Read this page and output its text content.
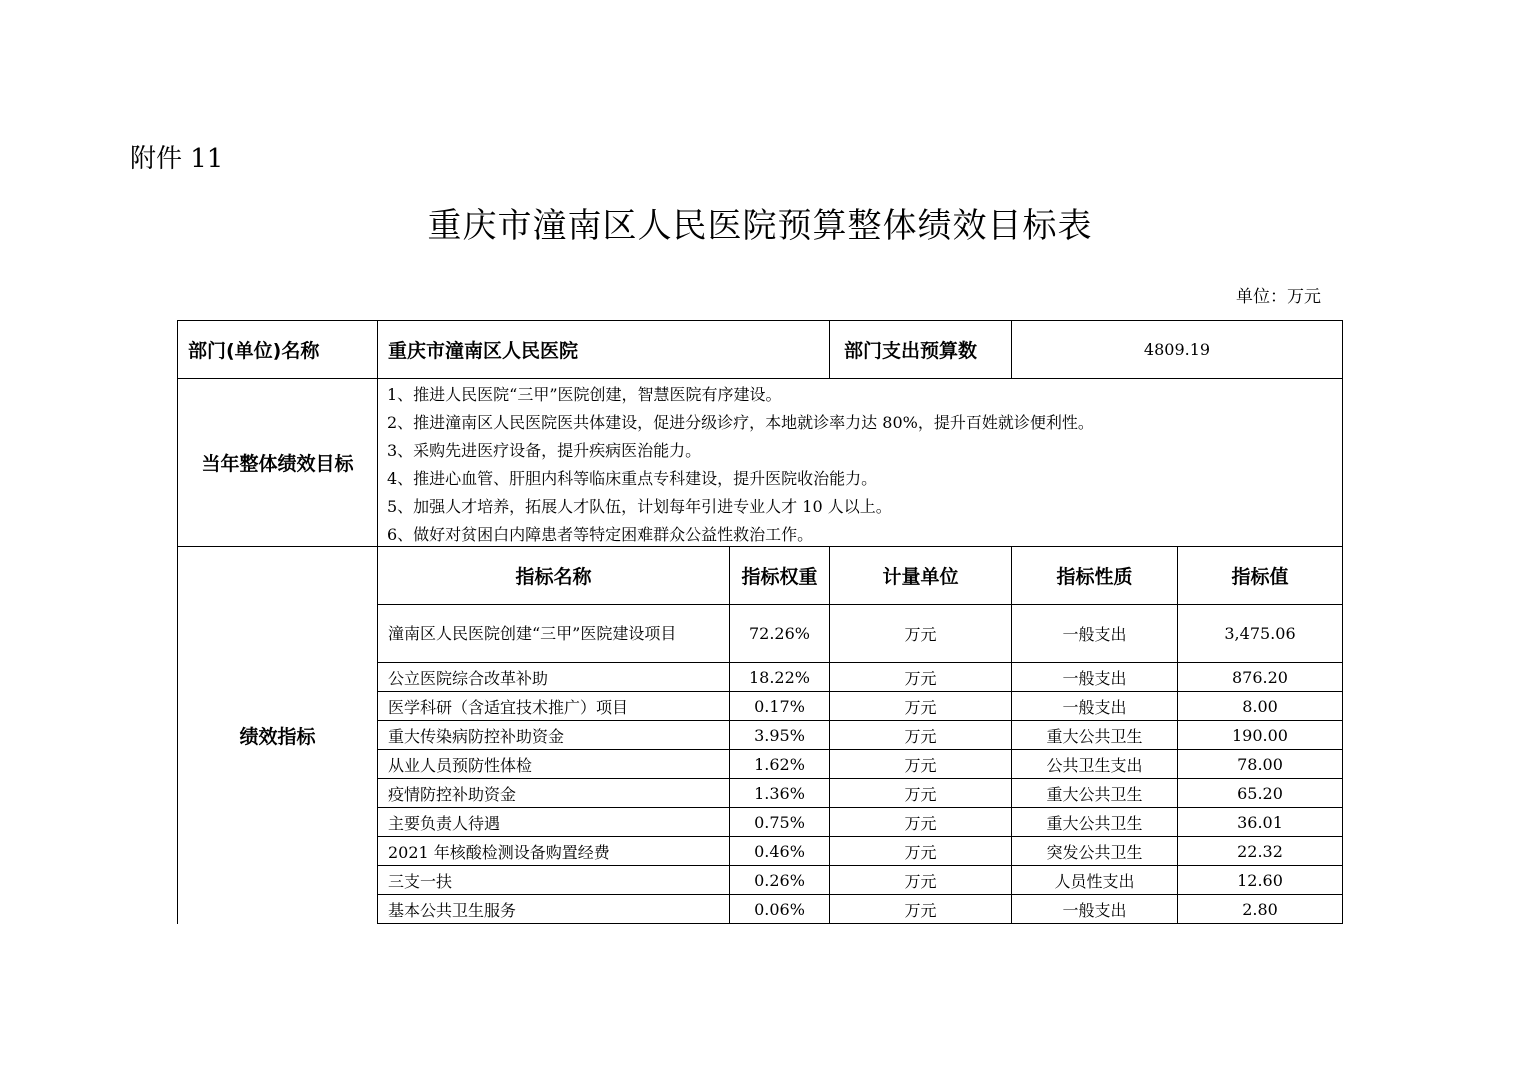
附件 11
重庆市潼南区人民医院预算整体绩效目标表
单位：万元
部门(单位)名称	重庆市潼南区人民医院	部门支出预算数	4809.19
当年整体绩效目标
1、推进人民医院“三甲”医院创建，智慧医院有序建设。
2、推进潼南区人民医院医共体建设，促进分级诊疗，本地就诊率力达 80%，提升百姓就诊便利性。
3、采购先进医疗设备，提升疾病医治能力。
4、推进心血管、肝胆内科等临床重点专科建设，提升医院收治能力。
5、加强人才培养，拓展人才队伍，计划每年引进专业人才 10 人以上。
6、做好对贫困白内障患者等特定困难群众公益性救治工作。
绩效指标
指标名称	指标权重	计量单位	指标性质	指标值
潼南区人民医院创建“三甲”医院建设项目	72.26%	万元	一般支出	3,475.06
公立医院综合改革补助	18.22%	万元	一般支出	876.20
医学科研（含适宜技术推广）项目	0.17%	万元	一般支出	8.00
重大传染病防控补助资金	3.95%	万元	重大公共卫生	190.00
从业人员预防性体检	1.62%	万元	公共卫生支出	78.00
疫情防控补助资金	1.36%	万元	重大公共卫生	65.20
主要负责人待遇	0.75%	万元	重大公共卫生	36.01
2021 年核酸检测设备购置经费	0.46%	万元	突发公共卫生	22.32
三支一扶	0.26%	万元	人员性支出	12.60
基本公共卫生服务	0.06%	万元	一般支出	2.80
